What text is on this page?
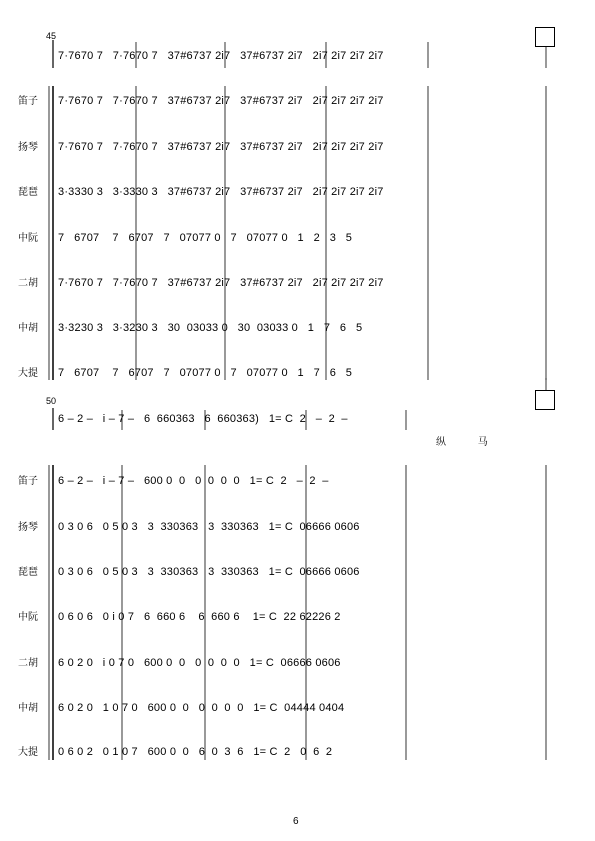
45
7·7670 7   7·7670 7   37#6737 2i7   37#6737 2i7   2i7 2i7 2i7 2i7
笛子 7·7670 7   7·7670 7   37#6737 2i7   37#6737 2i7   2i7 2i7 2i7 2i7
扬琴 7·7670 7   7·7670 7   37#6737 2i7   37#6737 2i7   2i7 2i7 2i7 2i7
琵琶 3·3330 3   3·3330 3   37#6737 2i7   37#6737 2i7   2i7 2i7 2i7 2i7
中阮 7   6707    7   6707   7   07077 0   7   07077 0   1   2   3   5
二胡 7·7670 7   7·7670 7   37#6737 2i7   37#6737 2i7   2i7 2i7 2i7 2i7
中胡 3·3230 3   3·3230 3   30  03033 0   30  03033 0   1   7   6   5
大提 7   6707    7   6707   7   07077 0   7   07077 0   1   7   6   5
50
6 – 2 –   i – 7 –   6  660363   6  660363)   1= C  2   –  2  –
纵          马
笛子 6 – 2 –   i – 7 –   600 0  0   0  0  0  0   1= C  2   –  2  –
扬琴 0 3 0 6   0 5 0 3   3  330363   3  330363   1= C  06666 0606
琵琶 0 3 0 6   0 5 0 3   3  330363   3  330363   1= C  06666 0606
中阮 0 6 0 6   0 i 0 7   6  660 6    6  660 6    1= C  22 62226 2
二胡 6 0 2 0   i 0 7 0   600 0  0   0  0  0  0   1= C  06666 0606
中胡 6 0 2 0   1 0 7 0   600 0  0   0  0  0  0   1= C  04444 0404
大提 0 6 0 2   0 1 0 7   600 0  0   6  0  3  6   1= C  2   0  6  2
6
